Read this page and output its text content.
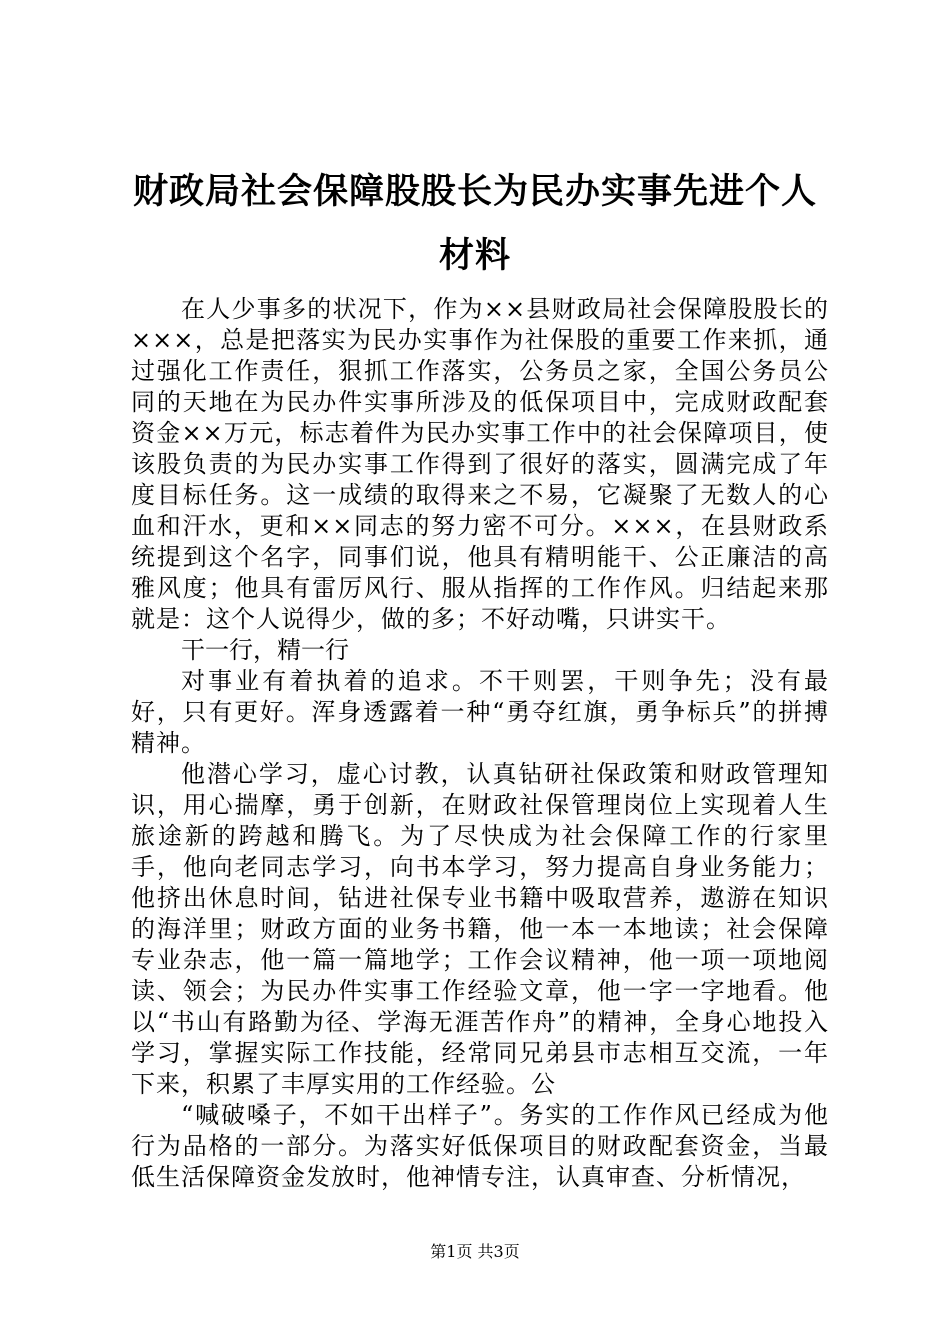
财政局社会保障股股长为民办实事先进个人材料

在人少事多的状况下，作为××县财政局社会保障股股长的×××，总是把落实为民办实事作为社保股的重要工作来抓，通过强化工作责任，狠抓工作落实，公务员之家，全国公务员公同的天地在为民办件实事所涉及的低保项目中，完成财政配套资金××万元，标志着件为民办实事工作中的社会保障项目，使该股负责的为民办实事工作得到了很好的落实，圆满完成了年度目标任务。这一成绩的取得来之不易，它凝聚了无数人的心血和汗水，更和××同志的努力密不可分。×××，在县财政系统提到这个名字，同事们说，他具有精明能干、公正廉洁的高雅风度；他具有雷厉风行、服从指挥的工作作风。归结起来那就是：这个人说得少，做的多；不好动嘴，只讲实干。

干一行，精一行

对事业有着执着的追求。不干则罢，干则争先；没有最好，只有更好。浑身透露着一种“勇夺红旗，勇争标兵”的拼搏精神。

他潜心学习，虚心讨教，认真钻研社保政策和财政管理知识，用心揣摩，勇于创新，在财政社保管理岗位上实现着人生旅途新的跨越和腾飞。为了尽快成为社会保障工作的行家里手，他向老同志学习，向书本学习，努力提高自身业务能力；他挤出休息时间，钻进社保专业书籍中吸取营养，遨游在知识的海洋里；财政方面的业务书籍，他一本一本地读；社会保障专业杂志，他一篇一篇地学；工作会议精神，他一项一项地阅读、领会；为民办件实事工作经验文章，他一字一字地看。他以“书山有路勤为径、学海无涯苦作舟”的精神，全身心地投入学习，掌握实际工作技能，经常同兄弟县市志相互交流，一年下来，积累了丰厚实用的工作经验。公

“喊破嗓子，不如干出样子”。务实的工作作风已经成为他行为品格的一部分。为落实好低保项目的财政配套资金，当最低生活保障资金发放时，他神情专注，认真审查、分析情况，

第1页 共3页
